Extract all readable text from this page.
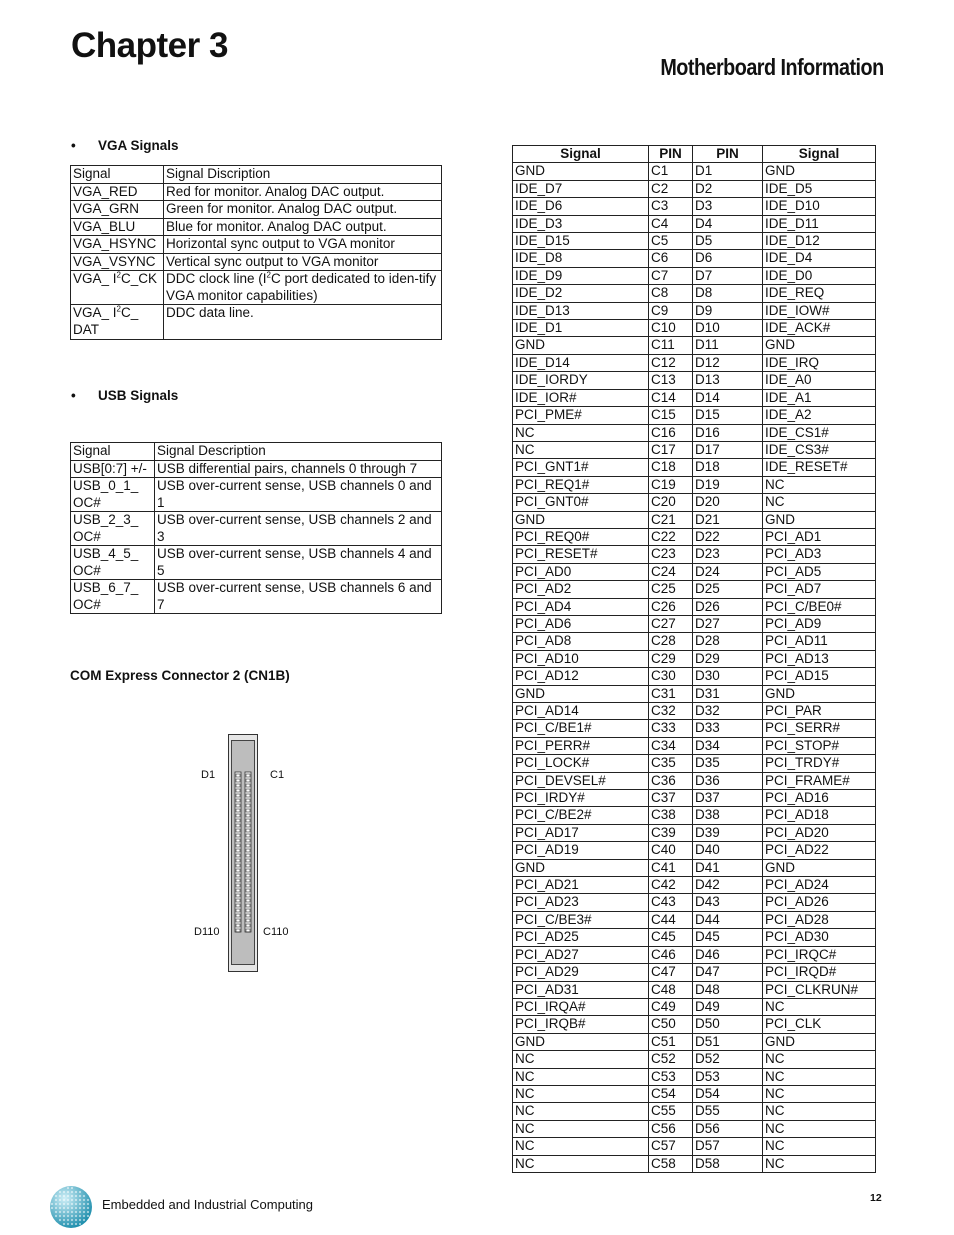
Chapter 3
Motherboard Information
• VGA Signals
Signal	Signal Discription
VGA_RED	Red for monitor. Analog DAC output.
VGA_GRN	Green for monitor. Analog DAC output.
VGA_BLU	Blue for monitor. Analog DAC output.
VGA_HSYNC	Horizontal sync output to VGA monitor
VGA_VSYNC	Vertical sync output to VGA monitor
VGA_ $I^2C\_CK$	DDC clock line ($I^2C$ port dedicated to iden-tify VGA monitor capabilities)
VGA_ $I^2C\_$ DAT	DDC data line.
• USB Signals
Signal	Signal Description
USB[0:7] +/-	USB differential pairs, channels 0 through 7
USB_0_1_ OC#	USB over-current sense, USB channels 0 and 1
USB_2_3_ OC#	USB over-current sense, USB channels 2 and 3
USB_4_5_ OC#	USB over-current sense, USB channels 4 and 5
USB_6_7_ OC#	USB over-current sense, USB channels 6 and 7
COM Express Connector 2 (CN1B)
D1	C1
D110	C110
Signal	PIN	PIN	Signal
GND	C1	D1	GND
IDE_D7	C2	D2	IDE_D5
IDE_D6	C3	D3	IDE_D10
IDE_D3	C4	D4	IDE_D11
IDE_D15	C5	D5	IDE_D12
IDE_D8	C6	D6	IDE_D4
IDE_D9	C7	D7	IDE_D0
IDE_D2	C8	D8	IDE_REQ
IDE_D13	C9	D9	IDE_IOW#
IDE_D1	C10	D10	IDE_ACK#
GND	C11	D11	GND
IDE_D14	C12	D12	IDE_IRQ
IDE_IORDY	C13	D13	IDE_A0
IDE_IOR#	C14	D14	IDE_A1
PCI_PME#	C15	D15	IDE_A2
NC	C16	D16	IDE_CS1#
NC	C17	D17	IDE_CS3#
PCI_GNT1#	C18	D18	IDE_RESET#
PCI_REQ1#	C19	D19	NC
PCI_GNT0#	C20	D20	NC
GND	C21	D21	GND
PCI_REQ0#	C22	D22	PCI_AD1
PCI_RESET#	C23	D23	PCI_AD3
PCI_AD0	C24	D24	PCI_AD5
PCI_AD2	C25	D25	PCI_AD7
PCI_AD4	C26	D26	PCI_C/BE0#
PCI_AD6	C27	D27	PCI_AD9
PCI_AD8	C28	D28	PCI_AD11
PCI_AD10	C29	D29	PCI_AD13
PCI_AD12	C30	D30	PCI_AD15
GND	C31	D31	GND
PCI_AD14	C32	D32	PCI_PAR
PCI_C/BE1#	C33	D33	PCI_SERR#
PCI_PERR#	C34	D34	PCI_STOP#
PCI_LOCK#	C35	D35	PCI_TRDY#
PCI_DEVSEL#	C36	D36	PCI_FRAME#
PCI_IRDY#	C37	D37	PCI_AD16
PCI_C/BE2#	C38	D38	PCI_AD18
PCI_AD17	C39	D39	PCI_AD20
PCI_AD19	C40	D40	PCI_AD22
GND	C41	D41	GND
PCI_AD21	C42	D42	PCI_AD24
PCI_AD23	C43	D43	PCI_AD26
PCI_C/BE3#	C44	D44	PCI_AD28
PCI_AD25	C45	D45	PCI_AD30
PCI_AD27	C46	D46	PCI_IRQC#
PCI_AD29	C47	D47	PCI_IRQD#
PCI_AD31	C48	D48	PCI_CLKRUN#
PCI_IRQA#	C49	D49	NC
PCI_IRQB#	C50	D50	PCI_CLK
GND	C51	D51	GND
NC	C52	D52	NC
NC	C53	D53	NC
NC	C54	D54	NC
NC	C55	D55	NC
NC	C56	D56	NC
NC	C57	D57	NC
NC	C58	D58	NC
Embedded and Industrial Computing	12
